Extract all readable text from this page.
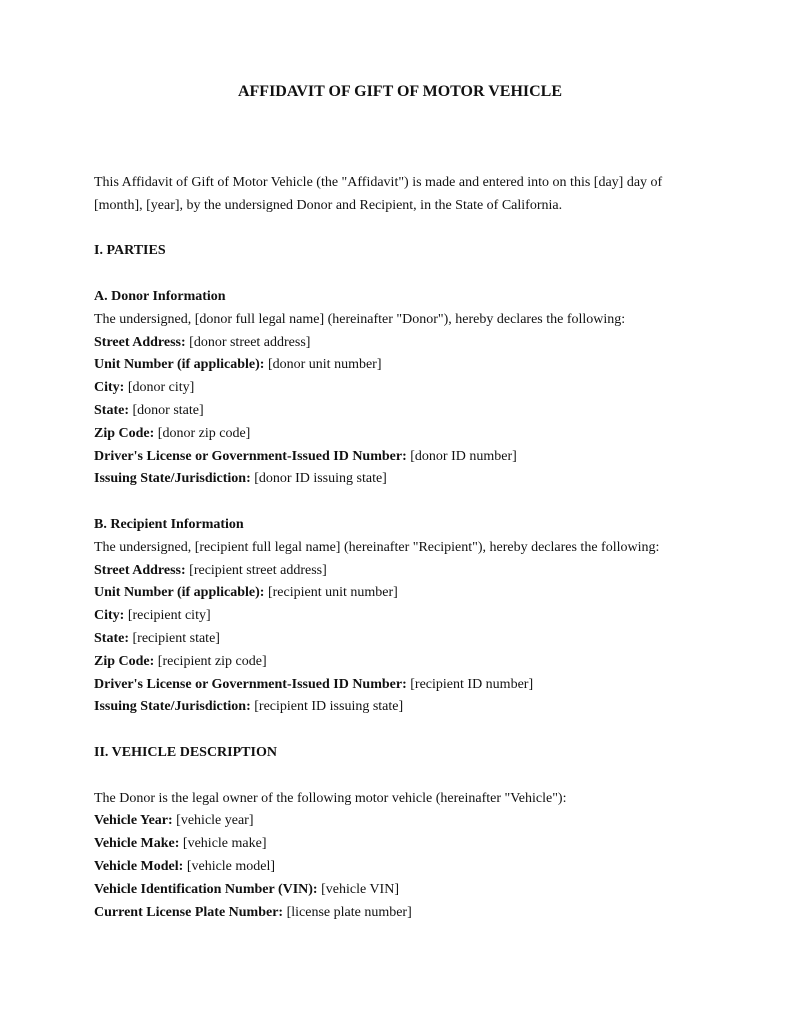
AFFIDAVIT OF GIFT OF MOTOR VEHICLE

This Affidavit of Gift of Motor Vehicle (the "Affidavit") is made and entered into on this [day] day of

[month], [year], by the undersigned Donor and Recipient, in the State of California.

I. PARTIES

A. Donor Information

The undersigned, [donor full legal name] (hereinafter "Donor"), hereby declares the following:

Street Address: [donor street address]

Unit Number (if applicable): [donor unit number]

City: [donor city]

State: [donor state]

Zip Code: [donor zip code]

Driver's License or Government-Issued ID Number: [donor ID number]

Issuing State/Jurisdiction: [donor ID issuing state]

B. Recipient Information

The undersigned, [recipient full legal name] (hereinafter "Recipient"), hereby declares the following:

Street Address: [recipient street address]

Unit Number (if applicable): [recipient unit number]

City: [recipient city]

State: [recipient state]

Zip Code: [recipient zip code]

Driver's License or Government-Issued ID Number: [recipient ID number]

Issuing State/Jurisdiction: [recipient ID issuing state]

II. VEHICLE DESCRIPTION

The Donor is the legal owner of the following motor vehicle (hereinafter "Vehicle"):

Vehicle Year: [vehicle year]

Vehicle Make: [vehicle make]

Vehicle Model: [vehicle model]

Vehicle Identification Number (VIN): [vehicle VIN]

Current License Plate Number: [license plate number]
